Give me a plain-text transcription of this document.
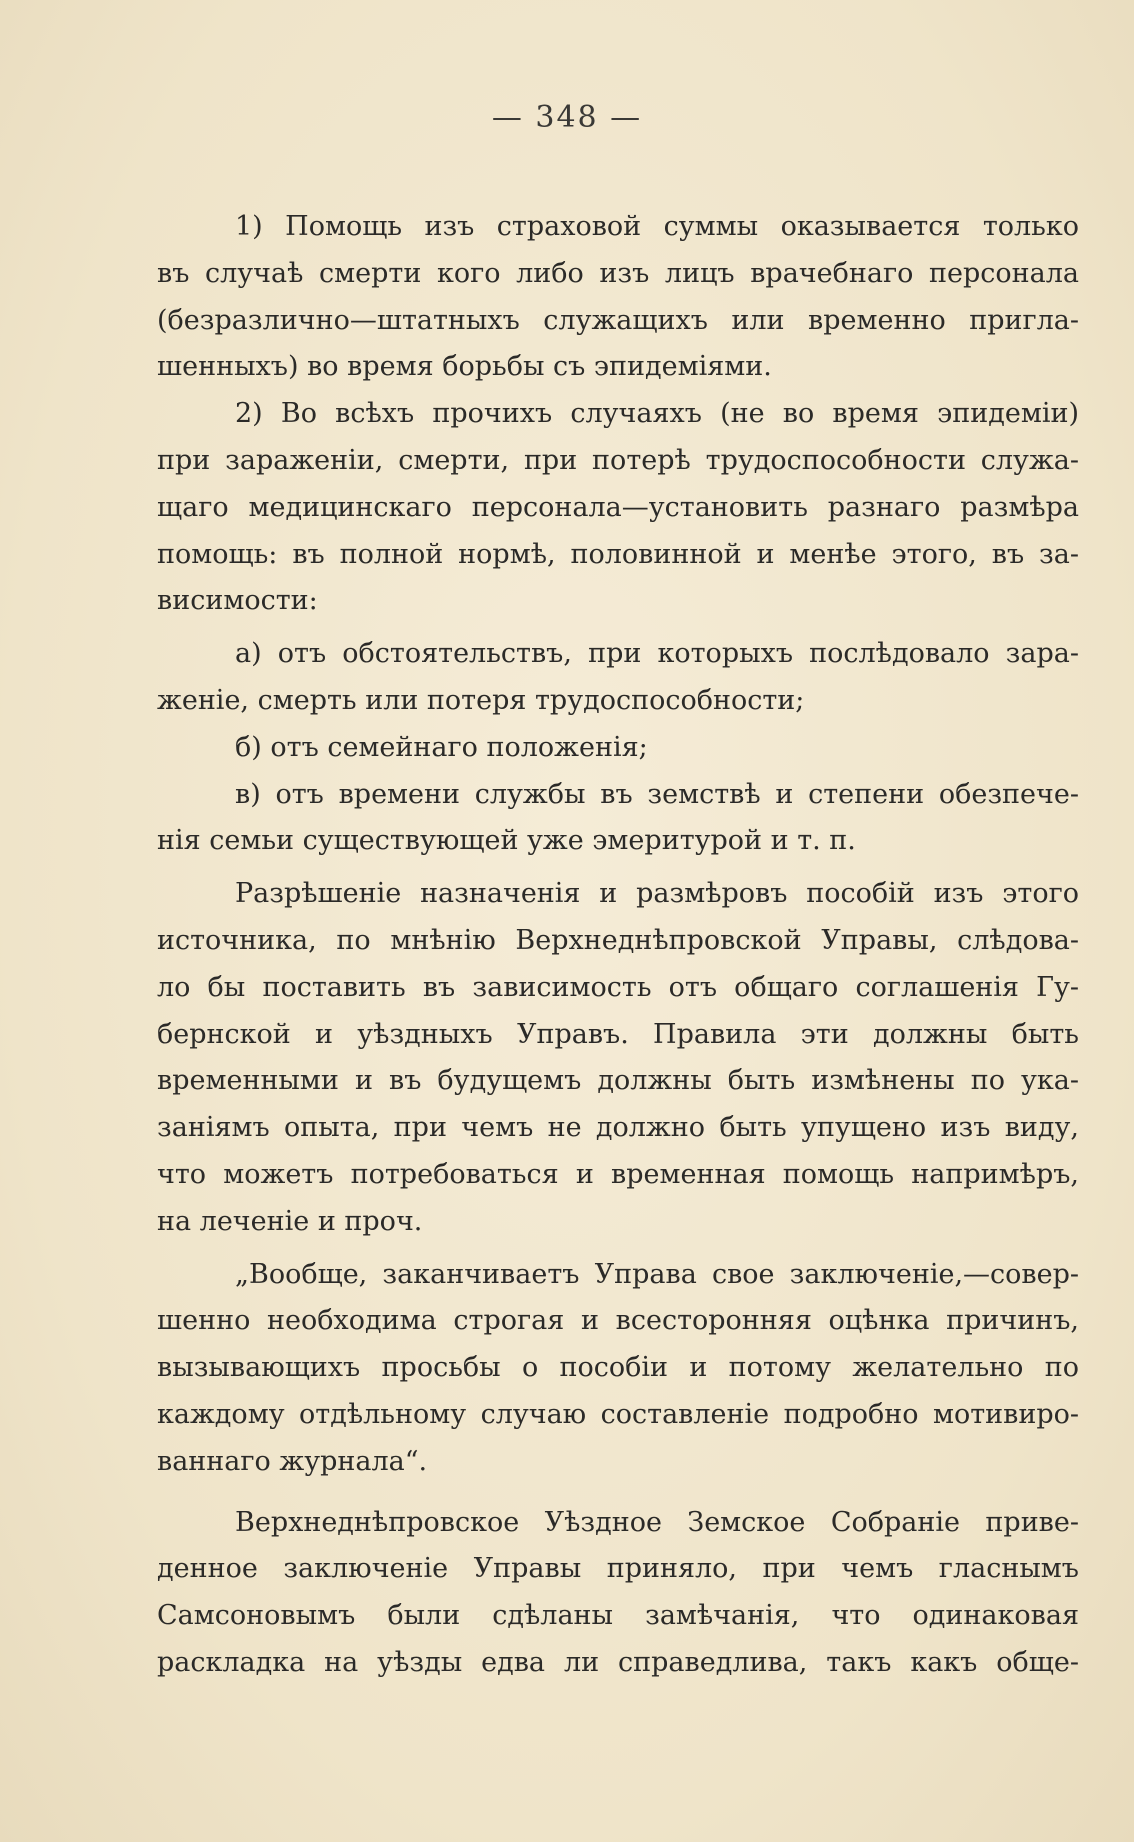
— 348 —
1) Помощь изъ страховой суммы оказывается только
въ случаѣ смерти кого либо изъ лицъ врачебнаго персонала
(безразлично—штатныхъ служащихъ или временно пригла-
шенныхъ) во время борьбы съ эпидеміями.
2) Во всѣхъ прочихъ случаяхъ (не во время эпидеміи)
при зараженіи, смерти, при потерѣ трудоспособности служа-
щаго медицинскаго персонала—установить разнаго размѣра
помощь: въ полной нормѣ, половинной и менѣе этого, въ за-
висимости:
а) отъ обстоятельствъ, при которыхъ послѣдовало зара-
женіе, смерть или потеря трудоспособности;
б) отъ семейнаго положенія;
в) отъ времени службы въ земствѣ и степени обезпече-
нія семьи существующей уже эмеритурой и т. п.
Разрѣшеніе назначенія и размѣровъ пособій изъ этого
источника, по мнѣнію Верхнеднѣпровской Управы, слѣдова-
ло бы поставить въ зависимость отъ общаго соглашенія Гу-
бернской и уѣздныхъ Управъ. Правила эти должны быть
временными и въ будущемъ должны быть измѣнены по ука-
заніямъ опыта, при чемъ не должно быть упущено изъ виду,
что можетъ потребоваться и временная помощь напримѣръ,
на леченіе и проч.
„Вообще, заканчиваетъ Управа свое заключеніе,—совер-
шенно необходима строгая и всесторонняя оцѣнка причинъ,
вызывающихъ просьбы о пособіи и потому желательно по
каждому отдѣльному случаю составленіе подробно мотивиро-
ваннаго журнала“.
Верхнеднѣпровское Уѣздное Земское Собраніе приве-
денное заключеніе Управы приняло, при чемъ гласнымъ
Самсоновымъ были сдѣланы замѣчанія, что одинаковая
раскладка на уѣзды едва ли справедлива, такъ какъ обще-
